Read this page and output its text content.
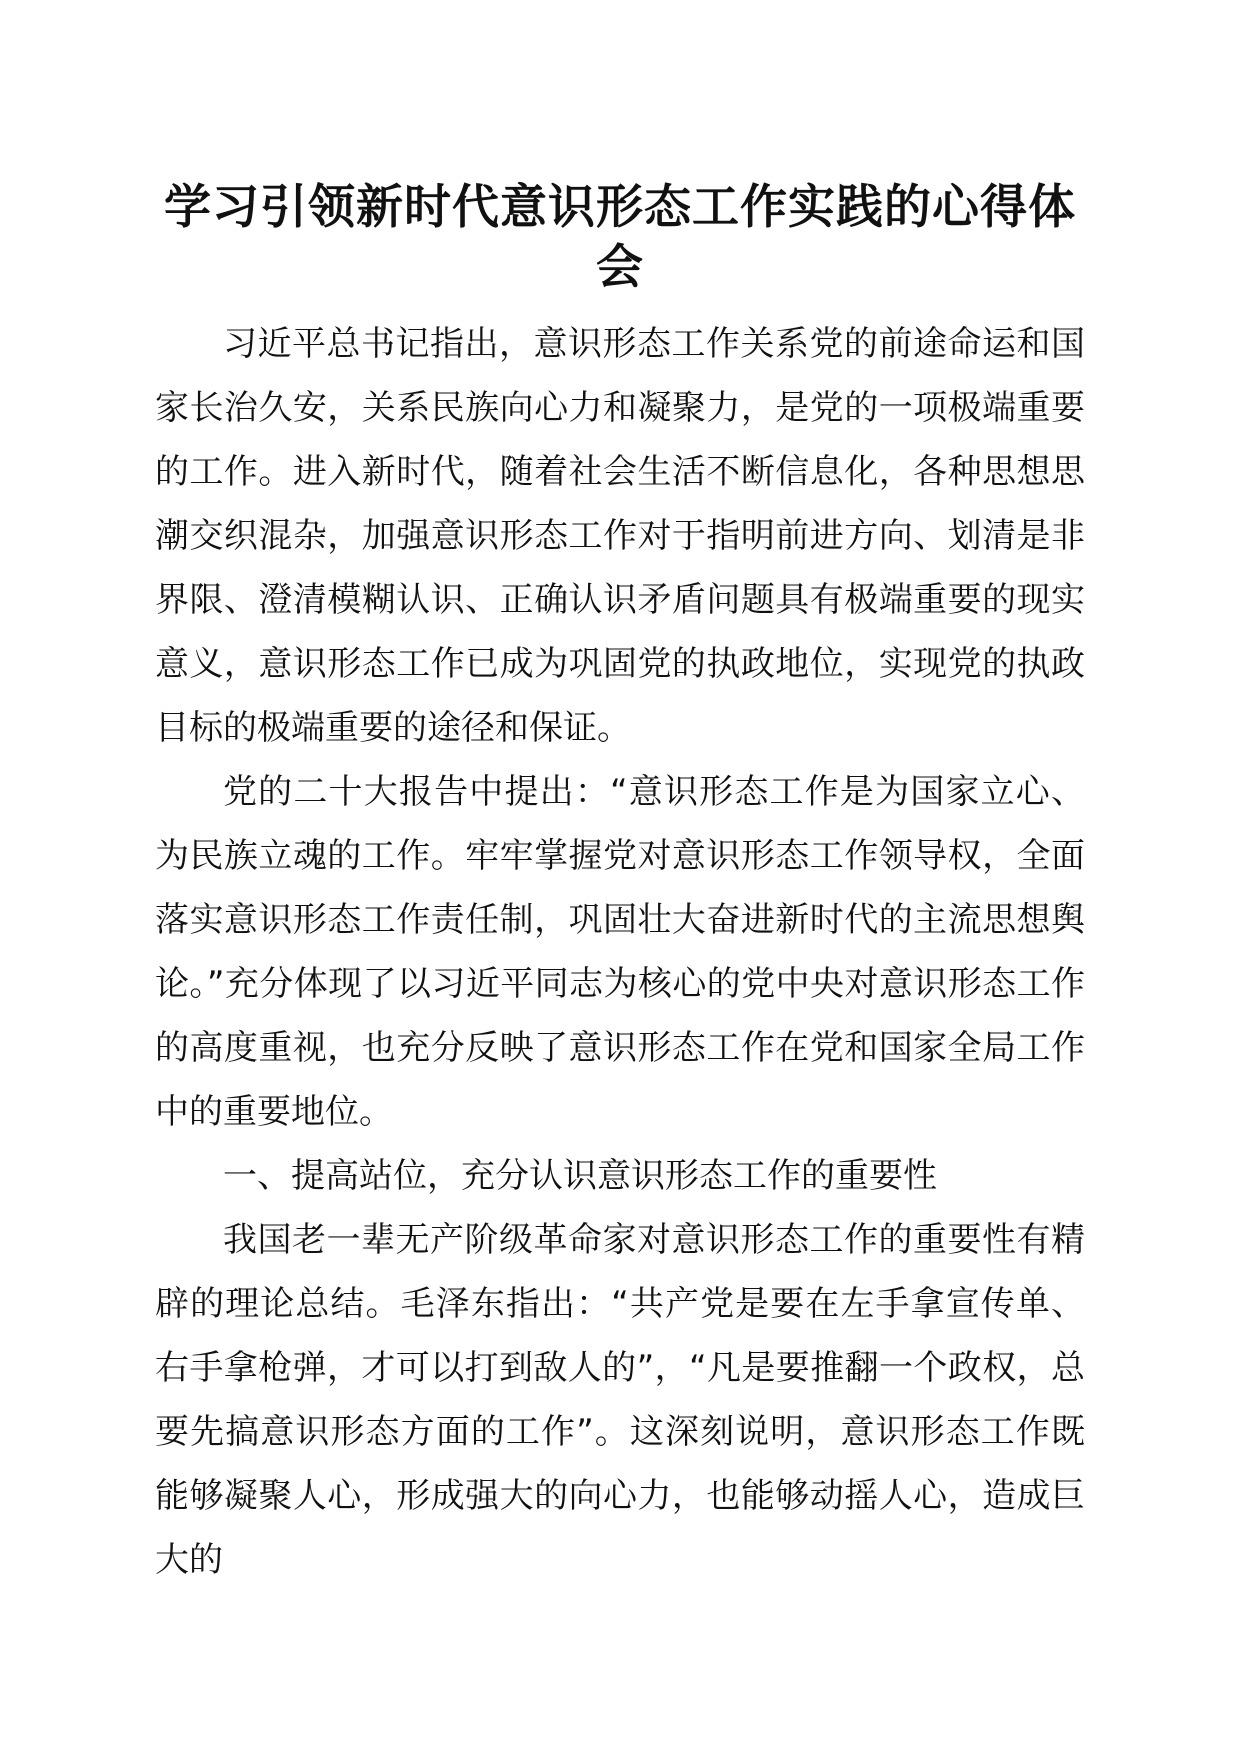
学习引领新时代意识形态工作实践的心得体会

习近平总书记指出，意识形态工作关系党的前途命运和国家长治久安，关系民族向心力和凝聚力，是党的一项极端重要的工作。进入新时代，随着社会生活不断信息化，各种思想思潮交织混杂，加强意识形态工作对于指明前进方向、划清是非界限、澄清模糊认识、正确认识矛盾问题具有极端重要的现实意义，意识形态工作已成为巩固党的执政地位，实现党的执政目标的极端重要的途径和保证。

党的二十大报告中提出：“意识形态工作是为国家立心、为民族立魂的工作。牢牢掌握党对意识形态工作领导权，全面落实意识形态工作责任制，巩固壮大奋进新时代的主流思想舆论。”充分体现了以习近平同志为核心的党中央对意识形态工作的高度重视，也充分反映了意识形态工作在党和国家全局工作中的重要地位。

一、提高站位，充分认识意识形态工作的重要性

我国老一辈无产阶级革命家对意识形态工作的重要性有精辟的理论总结。毛泽东指出：“共产党是要在左手拿宣传单、右手拿枪弹，才可以打到敌人的”，“凡是要推翻一个政权，总要先搞意识形态方面的工作”。这深刻说明，意识形态工作既能够凝聚人心，形成强大的向心力，也能够动摇人心，造成巨大的
